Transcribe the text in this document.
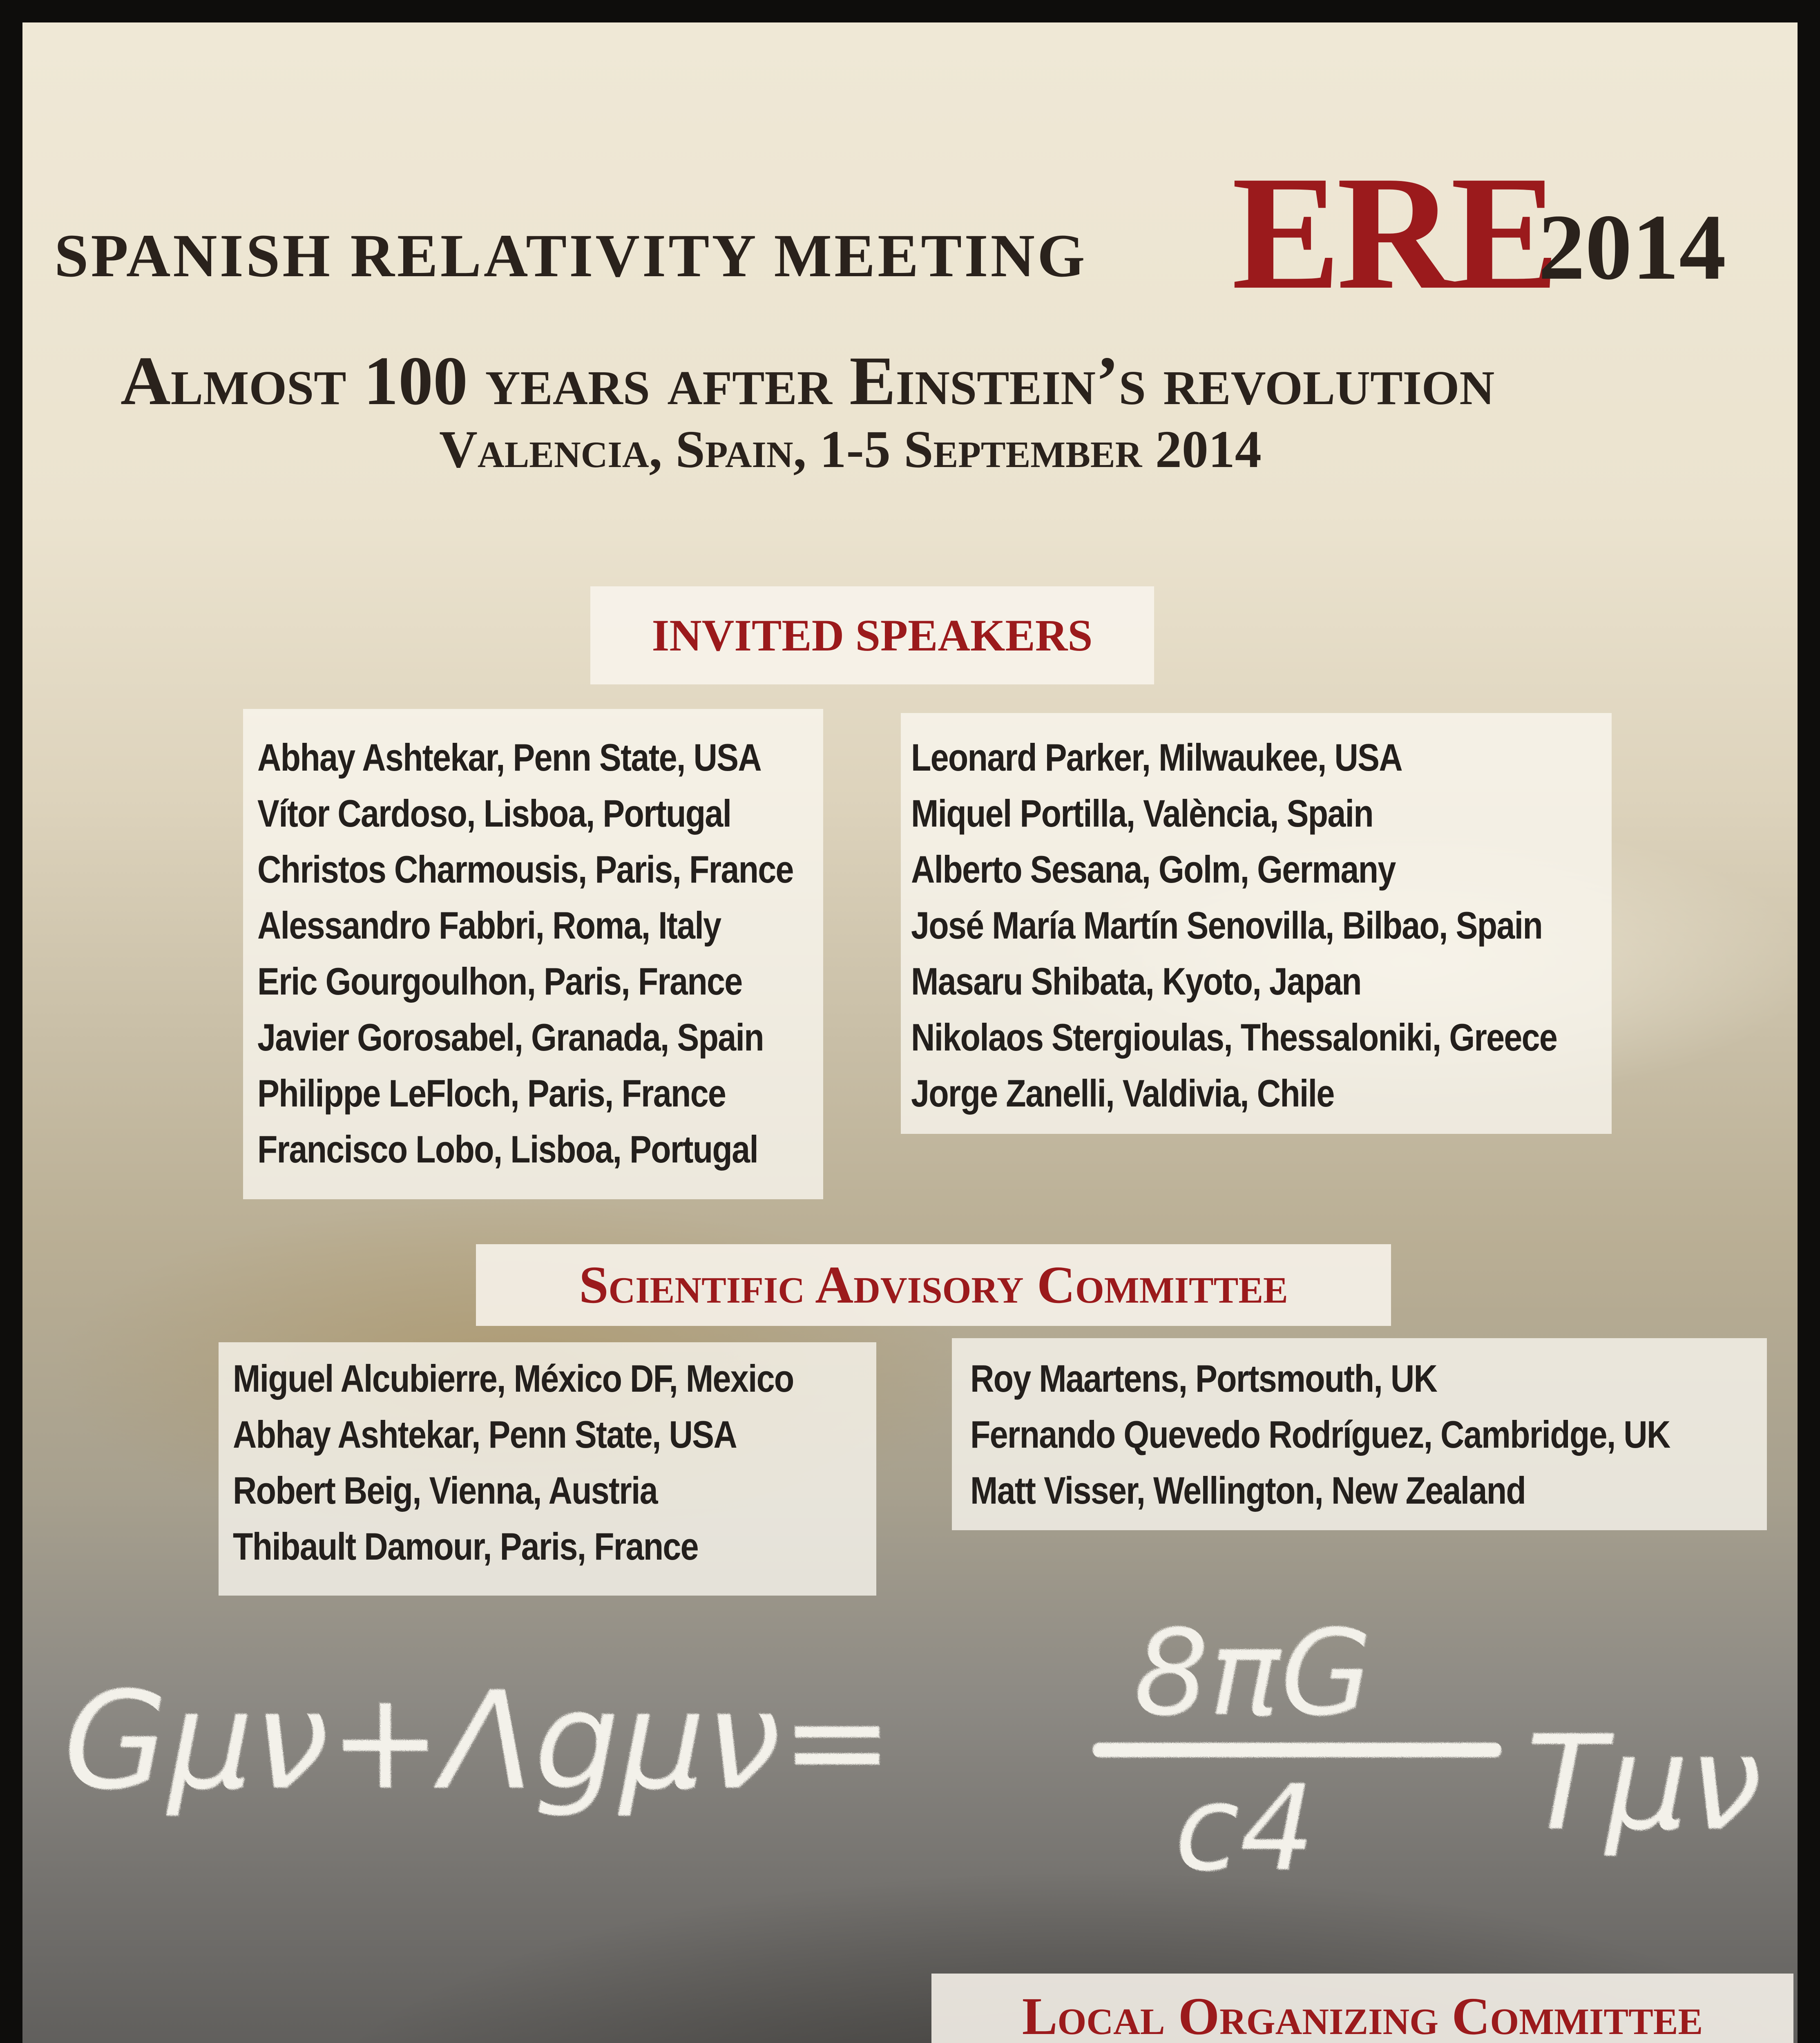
SPANISH RELATIVITY MEETING ERE
2014
Almost 100 years after Einstein’s revolution
Valencia, Spain, 1-5 September 2014
INVITED SPEAKERS
Abhay Ashtekar, Penn State, USA
Vítor Cardoso, Lisboa, Portugal
Christos Charmousis, Paris, France
Alessandro Fabbri, Roma, Italy
Eric Gourgoulhon, Paris, France
Javier Gorosabel, Granada, Spain
Philippe LeFloch, Paris, France
Francisco Lobo, Lisboa, Portugal
Leonard Parker, Milwaukee, USA
Miquel Portilla, València, Spain
Alberto Sesana, Golm, Germany
José María Martín Senovilla, Bilbao, Spain
Masaru Shibata, Kyoto, Japan
Nikolaos Stergioulas, Thessaloniki, Greece
Jorge Zanelli, Valdivia, Chile
Scientific Advisory Committee
Miguel Alcubierre, México DF, Mexico
Abhay Ashtekar, Penn State, USA
Robert Beig, Vienna, Austria
Thibault Damour, Paris, France
Roy Maartens, Portsmouth, UK
Fernando Quevedo Rodríguez, Cambridge, UK
Matt Visser, Wellington, New Zealand
Gμν+Λgμν= 8πG
c4 Tμν
Local Organizing Committee
